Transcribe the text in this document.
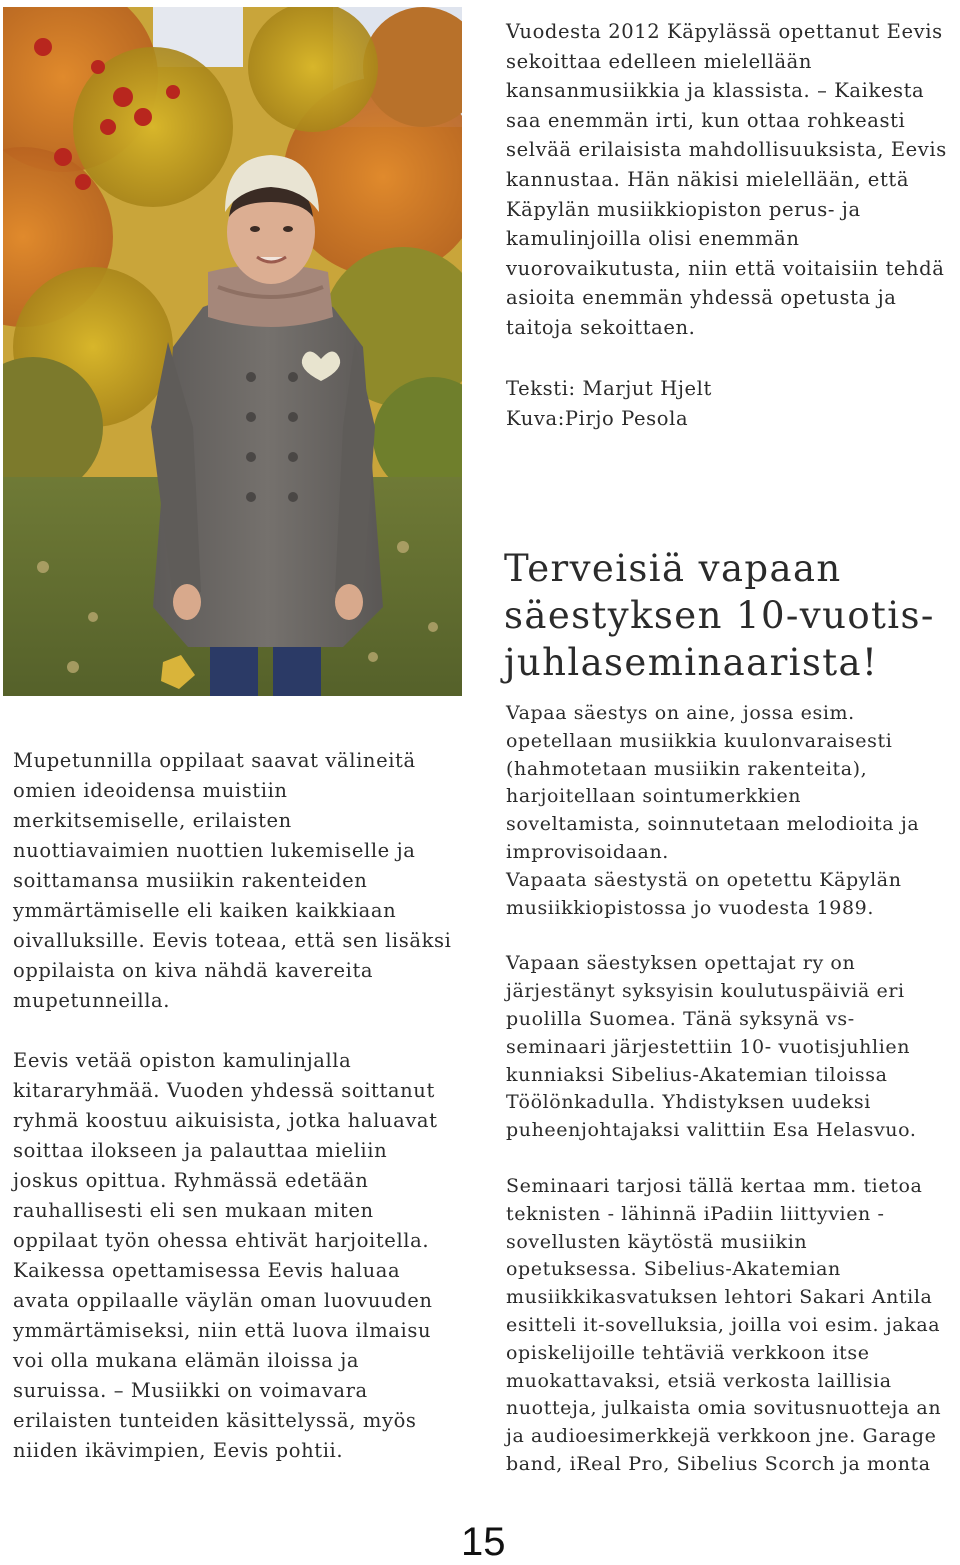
Vuodesta 2012 Käpylässä opettanut Eevis

sekoittaa edelleen mielellään

kansanmusiikkia ja klassista. – Kaikesta

saa enemmän irti, kun ottaa rohkeasti

selvää erilaisista mahdollisuuksista, Eevis

kannustaa. Hän näkisi mielellään, että

Käpylän musiikkiopiston perus- ja

kamulinjoilla olisi enemmän

vuorovaikutusta, niin että voitaisiin tehdä

asioita enemmän yhdessä opetusta ja

taitoja sekoittaen.

Teksti: Marjut Hjelt

Kuva:Pirjo Pesola

Terveisiä vapaan
säestyksen 10-vuotis-
juhlaseminaarista!

Vapaa säestys on aine, jossa esim.

opetellaan musiikkia kuulonvaraisesti

(hahmotetaan musiikin rakenteita),

harjoitellaan sointumerkkien

soveltamista, soinnutetaan melodioita ja

improvisoidaan.

Vapaata säestystä on opetettu Käpylän

musiikkiopistossa jo vuodesta 1989.

Vapaan säestyksen opettajat ry on

järjestänyt syksyisin koulutuspäiviä eri

puolilla Suomea. Tänä syksynä vs-

seminaari järjestettiin 10- vuotisjuhlien

kunniaksi Sibelius-Akatemian tiloissa

Töölönkadulla. Yhdistyksen uudeksi

puheenjohtajaksi valittiin Esa Helasvuo.

Seminaari tarjosi tällä kertaa mm. tietoa

teknisten - lähinnä iPadiin liittyvien -

sovellusten käytöstä musiikin

opetuksessa. Sibelius-Akatemian

musiikkikasvatuksen lehtori Sakari Antila

esitteli it-sovelluksia, joilla voi esim. jakaa

opiskelijoille tehtäviä verkkoon itse

muokattavaksi, etsiä verkosta laillisia

nuotteja, julkaista omia sovitusnuotteja an

ja audioesimerkkejä verkkoon jne. Garage

band, iReal Pro, Sibelius Scorch ja monta

Mupetunnilla oppilaat saavat välineitä

omien ideoidensa muistiin

merkitsemiselle, erilaisten

nuottiavaimien nuottien lukemiselle ja

soittamansa musiikin rakenteiden

ymmärtämiselle eli kaiken kaikkiaan

oivalluksille. Eevis toteaa, että sen lisäksi

oppilaista on kiva nähdä kavereita

mupetunneilla.

Eevis vetää opiston kamulinjalla

kitararyhmää. Vuoden yhdessä soittanut

ryhmä koostuu aikuisista, jotka haluavat

soittaa ilokseen ja palauttaa mieliin

joskus opittua. Ryhmässä edetään

rauhallisesti eli sen mukaan miten

oppilaat työn ohessa ehtivät harjoitella.

Kaikessa opettamisessa Eevis haluaa

avata oppilaalle väylän oman luovuuden

ymmärtämiseksi, niin että luova ilmaisu

voi olla mukana elämän iloissa ja

suruissa. – Musiikki on voimavara

erilaisten tunteiden käsittelyssä, myös

niiden ikävimpien, Eevis pohtii.

15
